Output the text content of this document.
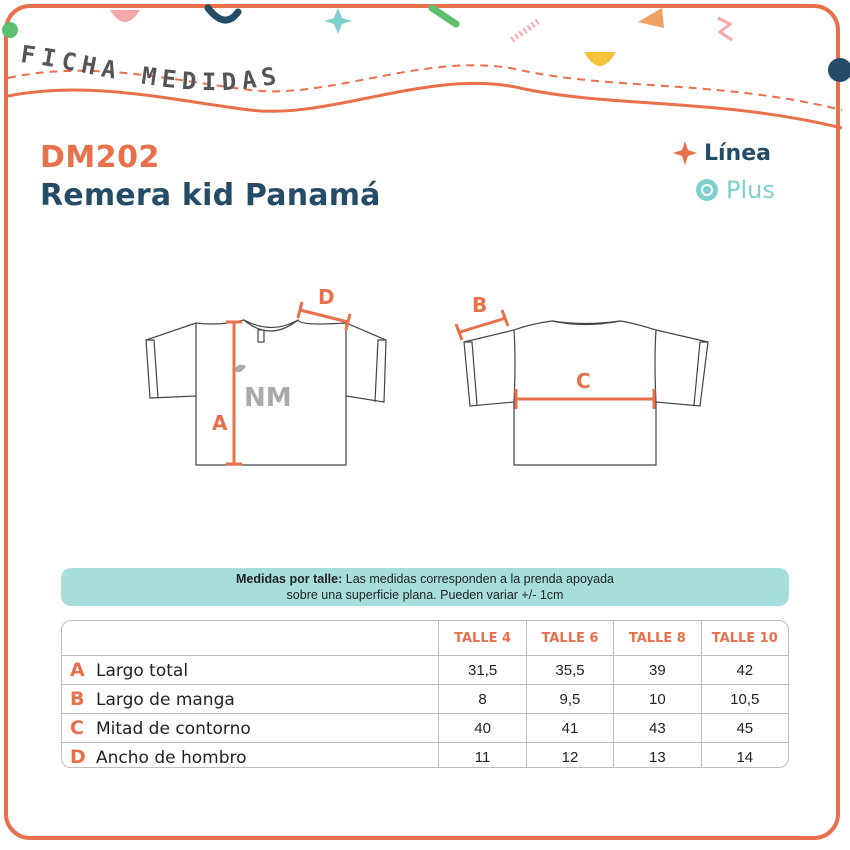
FICHA MEDIDAS
DM202
Remera kid Panamá
Línea
Plus
NM
A
D	B
C
Medidas por talle: Las medidas corresponden a la prenda apoyada
sobre una superficie plana. Pueden variar +/- 1cm
	TALLE 4	TALLE 6	TALLE 8	TALLE 10
A Largo total	31,5	35,5	39	42
B Largo de manga	8	9,5	10	10,5
C Mitad de contorno	40	41	43	45
D Ancho de hombro	11	12	13	14
